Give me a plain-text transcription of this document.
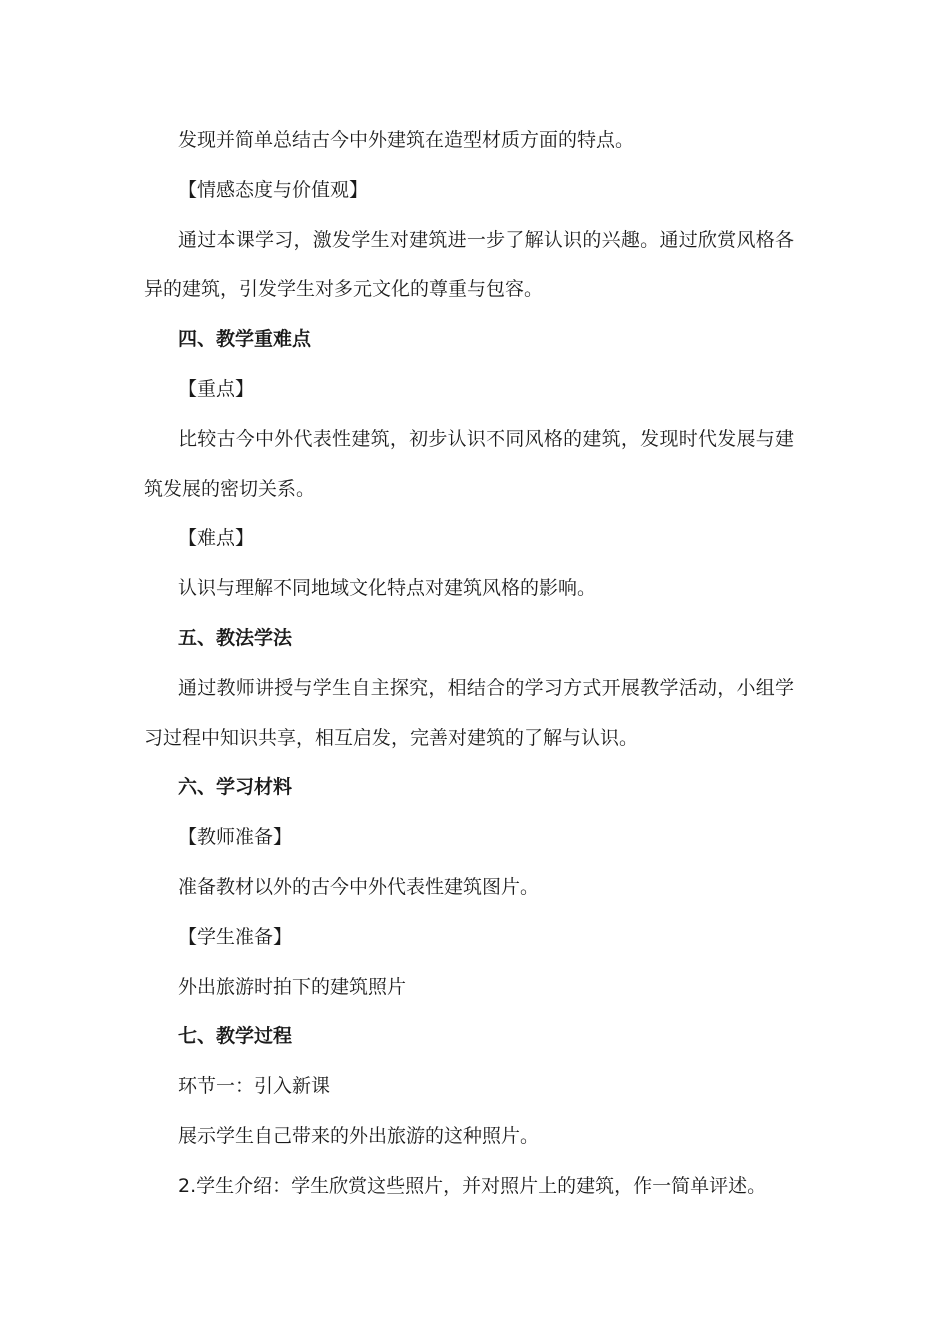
发现并简单总结古今中外建筑在造型材质方面的特点。

【情感态度与价值观】

通过本课学习，激发学生对建筑进一步了解认识的兴趣。通过欣赏风格各异的建筑，引发学生对多元文化的尊重与包容。

四、教学重难点

【重点】

比较古今中外代表性建筑，初步认识不同风格的建筑，发现时代发展与建筑发展的密切关系。

【难点】

认识与理解不同地域文化特点对建筑风格的影响。

五、教法学法

通过教师讲授与学生自主探究，相结合的学习方式开展教学活动，小组学习过程中知识共享，相互启发，完善对建筑的了解与认识。

六、学习材料

【教师准备】

准备教材以外的古今中外代表性建筑图片。

【学生准备】

外出旅游时拍下的建筑照片

七、教学过程

环节一：引入新课

展示学生自己带来的外出旅游的这种照片。

2.学生介绍：学生欣赏这些照片，并对照片上的建筑，作一简单评述。
